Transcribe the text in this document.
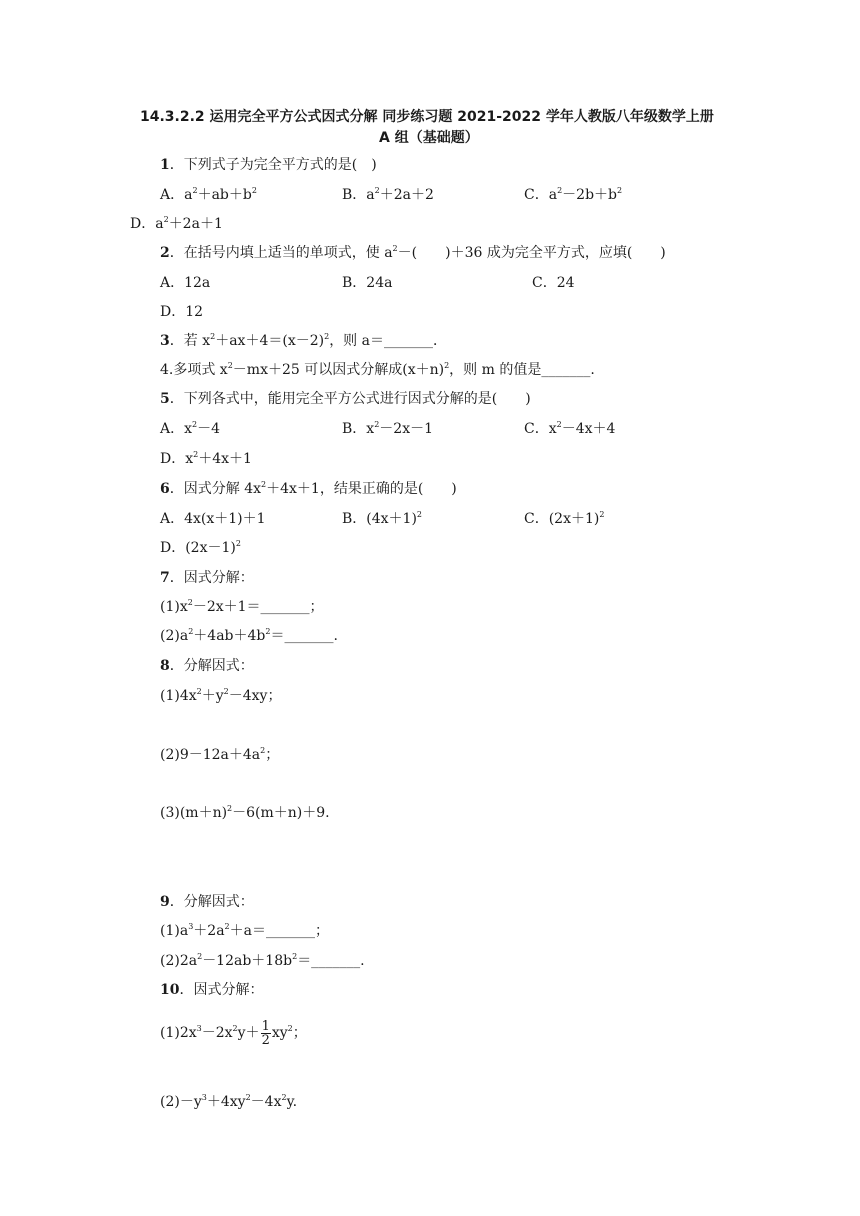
14.3.2.2 运用完全平方公式因式分解 同步练习题 2021-2022 学年人教版八年级数学上册
A 组（基础题）
1．下列式子为完全平方式的是(　)
A．$a^2+ab+b^2$	B．$a^2+2a+2$	C．$a^2-2b+b^2$
D．$a^2+2a+1$
2．在括号内填上适当的单项式，使 $a^2-$(　　)＋36 成为完全平方式，应填(　　)
A．12a	B．24a	C．24
D．12
3．若 $x^2+ax+4=(x-2)^2$，则 a＝_______．
4.多项式 $x^2-mx+25$ 可以因式分解成$(x+n)^2$，则 m 的值是_______.
5．下列各式中，能用完全平方公式进行因式分解的是(　　)
A．$x^2-4$	B．$x^2-2x-1$	C．$x^2-4x+4$
D．$x^2+4x+1$
6．因式分解 $4x^2+4x+1$，结果正确的是(　　)
A．4x(x＋1)＋1	B．$(4x+1)^2$	C．$(2x+1)^2$
D．$(2x-1)^2$
7．因式分解：
$(1)x^2-2x+1=\_\_\_\_\_\_\_$；
$(2)a^2+4ab+4b^2=\_\_\_\_\_\_\_$.
8．分解因式：
$(1)4x^2+y^2-4xy$；
$(2)9-12a+4a^2$；
$(3)(m+n)^2-6(m+n)+9$.
9．分解因式：
$(1)a^3+2a^2+a=\_\_\_\_\_\_\_$；
$(2)2a^2-12ab+18b^2=\_\_\_\_\_\_\_$.
10．因式分解：
$(1)2x^3-2x^2y+ \frac{1}{2} xy^2$；
$(2)-y^3+4xy^2-4x^2y$.
